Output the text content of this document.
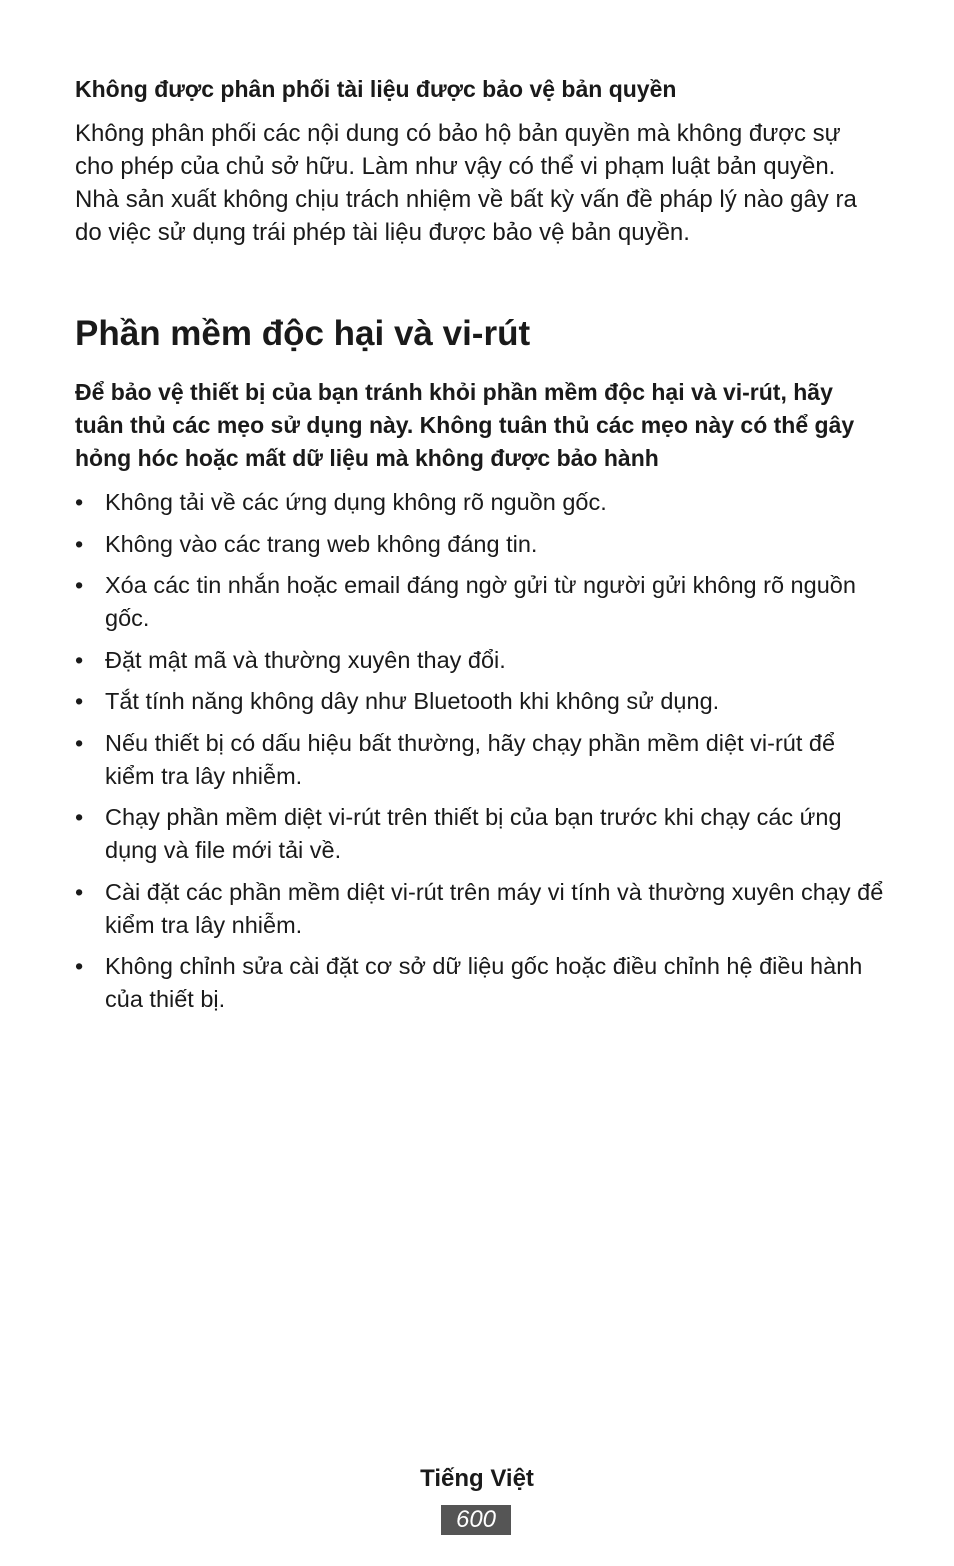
Không được phân phối tài liệu được bảo vệ bản quyền

Không phân phối các nội dung có bảo hộ bản quyền mà không được sự cho phép của chủ sở hữu. Làm như vậy có thể vi phạm luật bản quyền. Nhà sản xuất không chịu trách nhiệm về bất kỳ vấn đề pháp lý nào gây ra do việc sử dụng trái phép tài liệu được bảo vệ bản quyền.

Phần mềm độc hại và vi-rút

Để bảo vệ thiết bị của bạn tránh khỏi phần mềm độc hại và vi-rút, hãy tuân thủ các mẹo sử dụng này. Không tuân thủ các mẹo này có thể gây hỏng hóc hoặc mất dữ liệu mà không được bảo hành

• Không tải về các ứng dụng không rõ nguồn gốc.
• Không vào các trang web không đáng tin.
• Xóa các tin nhắn hoặc email đáng ngờ gửi từ người gửi không rõ nguồn gốc.
• Đặt mật mã và thường xuyên thay đổi.
• Tắt tính năng không dây như Bluetooth khi không sử dụng.
• Nếu thiết bị có dấu hiệu bất thường, hãy chạy phần mềm diệt vi-rút để kiểm tra lây nhiễm.
• Chạy phần mềm diệt vi-rút trên thiết bị của bạn trước khi chạy các ứng dụng và file mới tải về.
• Cài đặt các phần mềm diệt vi-rút trên máy vi tính và thường xuyên chạy để kiểm tra lây nhiễm.
• Không chỉnh sửa cài đặt cơ sở dữ liệu gốc hoặc điều chỉnh hệ điều hành của thiết bị.
Tiếng Việt
600
